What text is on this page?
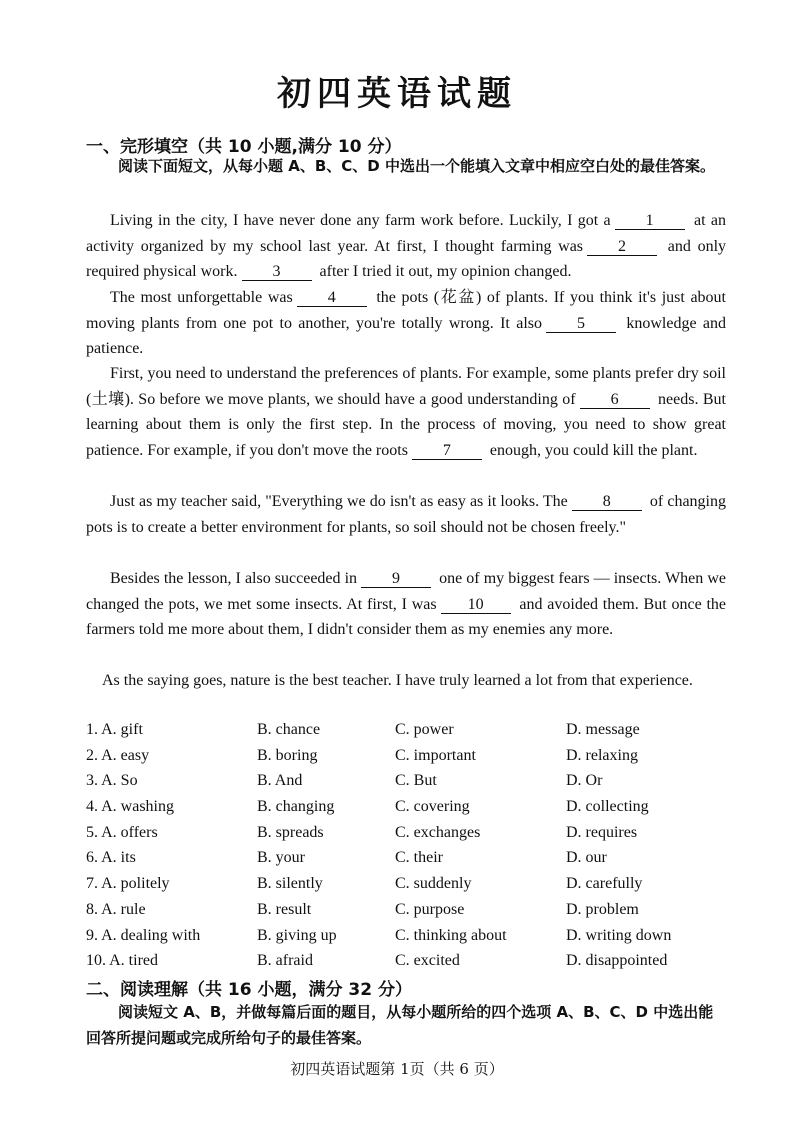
初四英语试题
一、完形填空（共 10 小题,满分 10 分）
阅读下面短文，从每小题 A、B、C、D 中选出一个能填入文章中相应空白处的最佳答案。
Living in the city, I have never done any farm work before. Luckily, I got a 1	at an activity organized by my school last year. At first, I thought farming was 2	and only required physical work. 3 after I tried it out, my opinion changed.
The most unforgettable was 4	the pots (花盆) of plants. If you think it's just about moving plants from one pot to another, you're totally wrong. It also 5	knowledge and patience.
First, you need to understand the preferences of plants. For example, some plants prefer dry soil (土壤). So before we move plants, we should have a good understanding of 6 needs. But learning about them is only the first step. In the process of moving, you need to show great patience. For example, if you don't move the roots 7 enough, you could kill the plant.
Just as my teacher said, "Everything we do isn't as easy as it looks. The 8 of changing pots is to create a better environment for plants, so soil should not be chosen freely."
Besides the lesson, I also succeeded in 9 one of my biggest fears — insects. When we changed the pots, we met some insects. At first, I was 10 and avoided them. But once the farmers told me more about them, I didn't consider them as my enemies any more.
As the saying goes, nature is the best teacher. I have truly learned a lot from that experience.
1. A. gift	B. chance	C. power	D. message
2. A. easy	B. boring	C. important	D. relaxing
3. A. So	B. And	C. But	D. Or
4. A. washing	B. changing	C. covering	D. collecting
5. A. offers	B. spreads	C. exchanges	D. requires
6. A. its	B. your	C. their	D. our
7. A. politely	B. silently	C. suddenly	D. carefully
8. A. rule	B. result	C. purpose	D. problem
9. A. dealing with	B. giving up	C. thinking about	D. writing down
10. A. tired	B. afraid	C. excited	D. disappointed
二、阅读理解（共 16 小题，满分 32 分）
阅读短文 A、B，并做每篇后面的题目，从每小题所给的四个选项 A、B、C、D 中选出能回答所提问题或完成所给句子的最佳答案。
初四英语试题第 1页（共 6 页）
